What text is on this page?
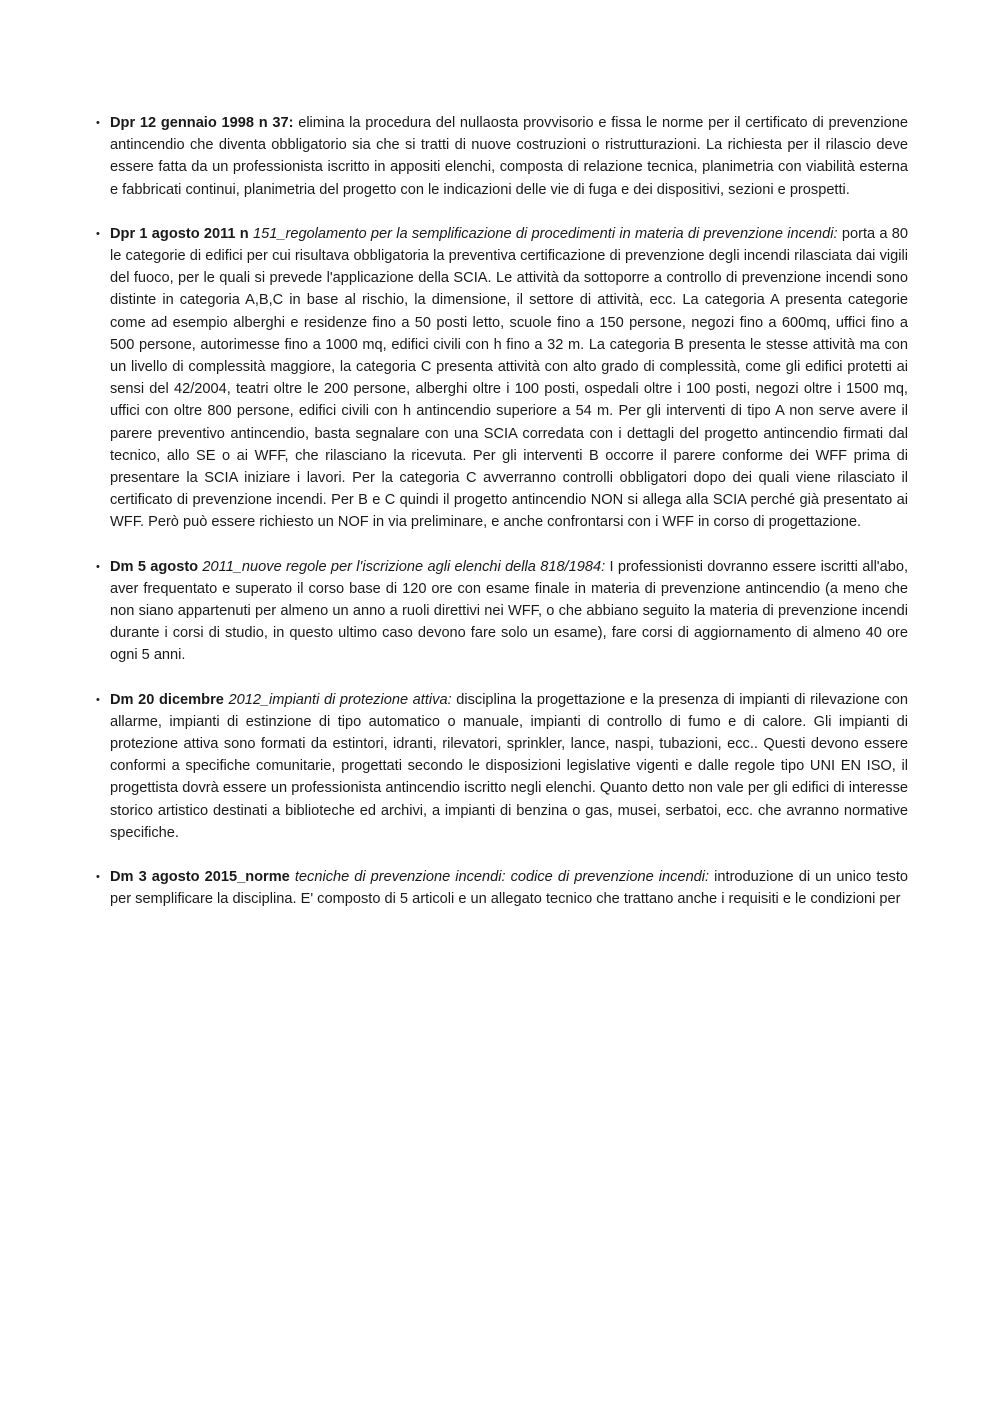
• Dpr 12 gennaio 1998 n 37: elimina la procedura del nullaosta provvisorio e fissa le norme per il certificato di prevenzione antincendio che diventa obbligatorio sia che si tratti di nuove costruzioni o ristrutturazioni. La richiesta per il rilascio deve essere fatta da un professionista iscritto in appositi elenchi, composta di relazione tecnica, planimetria con viabilità esterna e fabbricati continui, planimetria del progetto con le indicazioni delle vie di fuga e dei dispositivi, sezioni e prospetti.
• Dpr 1 agosto 2011 n 151_regolamento per la semplificazione di procedimenti in materia di prevenzione incendi: porta a 80 le categorie di edifici per cui risultava obbligatoria la preventiva certificazione di prevenzione degli incendi rilasciata dai vigili del fuoco, per le quali si prevede l'applicazione della SCIA. Le attività da sottoporre a controllo di prevenzione incendi sono distinte in categoria A,B,C in base al rischio, la dimensione, il settore di attività, ecc. La categoria A presenta categorie come ad esempio alberghi e residenze fino a 50 posti letto, scuole fino a 150 persone, negozi fino a 600mq, uffici fino a 500 persone, autorimesse fino a 1000 mq, edifici civili con h fino a 32 m. La categoria B presenta le stesse attività ma con un livello di complessità maggiore, la categoria C presenta attività con alto grado di complessità, come gli edifici protetti ai sensi del 42/2004, teatri oltre le 200 persone, alberghi oltre i 100 posti, ospedali oltre i 100 posti, negozi oltre i 1500 mq, uffici con oltre 800 persone, edifici civili con h antincendio superiore a 54 m. Per gli interventi di tipo A non serve avere il parere preventivo antincendio, basta segnalare con una SCIA corredata con i dettagli del progetto antincendio firmati dal tecnico, allo SE o ai WFF, che rilasciano la ricevuta. Per gli interventi B occorre il parere conforme dei WFF prima di presentare la SCIA iniziare i lavori. Per la categoria C avverranno controlli obbligatori dopo dei quali viene rilasciato il certificato di prevenzione incendi. Per B e C quindi il progetto antincendio NON si allega alla SCIA perché già presentato ai WFF. Però può essere richiesto un NOF in via preliminare, e anche confrontarsi con i WFF in corso di progettazione.
• Dm 5 agosto 2011_nuove regole per l'iscrizione agli elenchi della 818/1984: I professionisti dovranno essere iscritti all'abo, aver frequentato e superato il corso base di 120 ore con esame finale in materia di prevenzione antincendio (a meno che non siano appartenuti per almeno un anno a ruoli direttivi nei WFF, o che abbiano seguito la materia di prevenzione incendi durante i corsi di studio, in questo ultimo caso devono fare solo un esame), fare corsi di aggiornamento di almeno 40 ore ogni 5 anni.
• Dm 20 dicembre 2012_impianti di protezione attiva: disciplina la progettazione e la presenza di impianti di rilevazione con allarme, impianti di estinzione di tipo automatico o manuale, impianti di controllo di fumo e di calore. Gli impianti di protezione attiva sono formati da estintori, idranti, rilevatori, sprinkler, lance, naspi, tubazioni, ecc.. Questi devono essere conformi a specifiche comunitarie, progettati secondo le disposizioni legislative vigenti e dalle regole tipo UNI EN ISO, il progettista dovrà essere un professionista antincendio iscritto negli elenchi. Quanto detto non vale per gli edifici di interesse storico artistico destinati a biblioteche ed archivi, a impianti di benzina o gas, musei, serbatoi, ecc. che avranno normative specifiche.
• Dm 3 agosto 2015_norme tecniche di prevenzione incendi: codice di prevenzione incendi: introduzione di un unico testo per semplificare la disciplina. E' composto di 5 articoli e un allegato tecnico che trattano anche i requisiti e le condizioni per
